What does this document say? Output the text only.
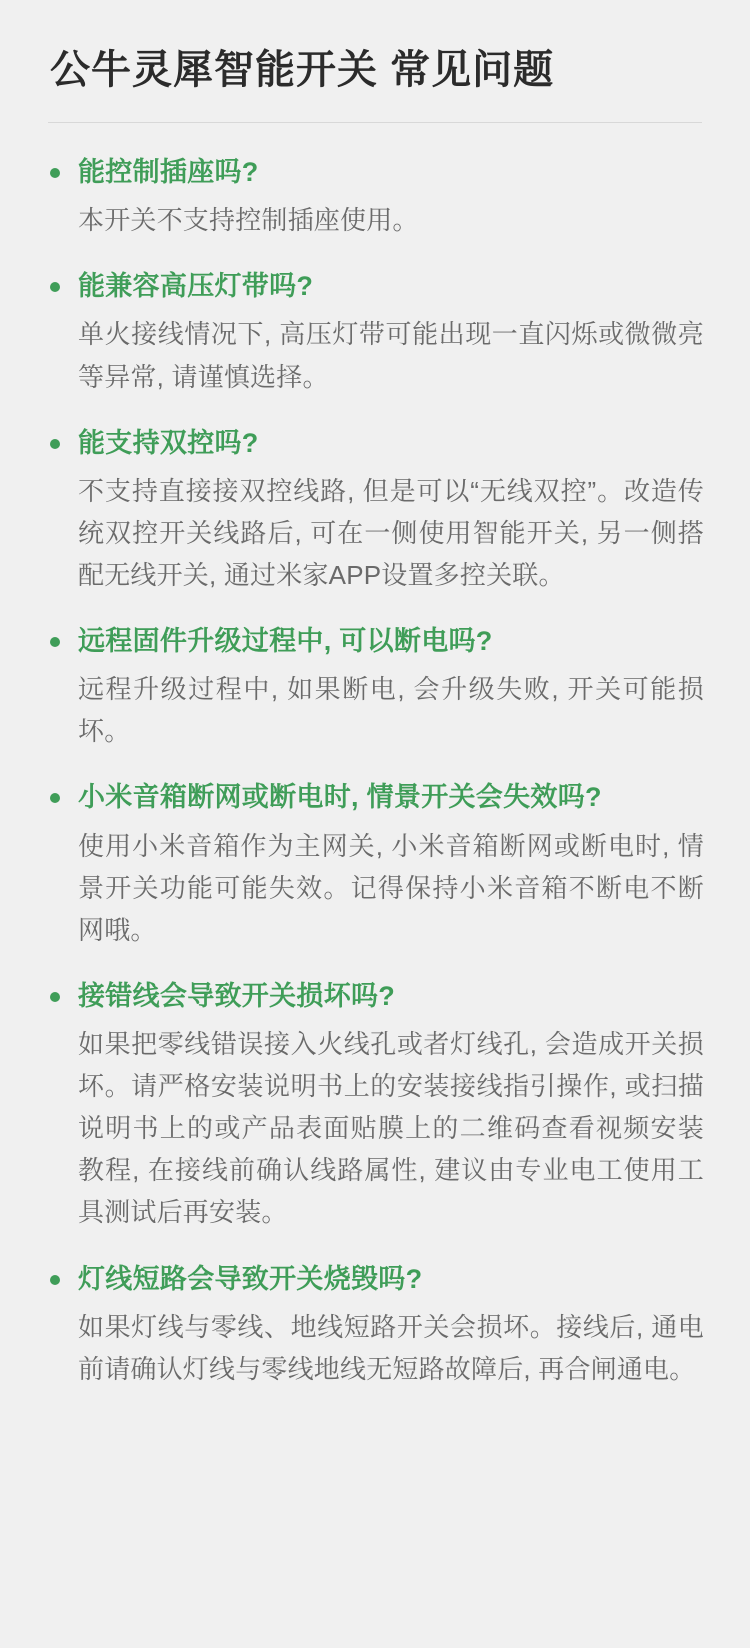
公牛灵犀智能开关 常见问题

能控制插座吗?

本开关不支持控制插座使用。

能兼容高压灯带吗?

单火接线情况下, 高压灯带可能出现一直闪烁或微微亮等异常, 请谨慎选择。

能支持双控吗?

不支持直接接双控线路, 但是可以“无线双控”。改造传统双控开关线路后, 可在一侧使用智能开关, 另一侧搭配无线开关, 通过米家APP设置多控关联。

远程固件升级过程中, 可以断电吗?

远程升级过程中, 如果断电, 会升级失败, 开关可能损坏。

小米音箱断网或断电时, 情景开关会失效吗?

使用小米音箱作为主网关, 小米音箱断网或断电时, 情景开关功能可能失效。记得保持小米音箱不断电不断网哦。

接错线会导致开关损坏吗?

如果把零线错误接入火线孔或者灯线孔, 会造成开关损坏。请严格安装说明书上的安装接线指引操作, 或扫描说明书上的或产品表面贴膜上的二维码查看视频安装教程, 在接线前确认线路属性, 建议由专业电工使用工具测试后再安装。

灯线短路会导致开关烧毁吗?

如果灯线与零线、地线短路开关会损坏。接线后, 通电前请确认灯线与零线地线无短路故障后, 再合闸通电。
